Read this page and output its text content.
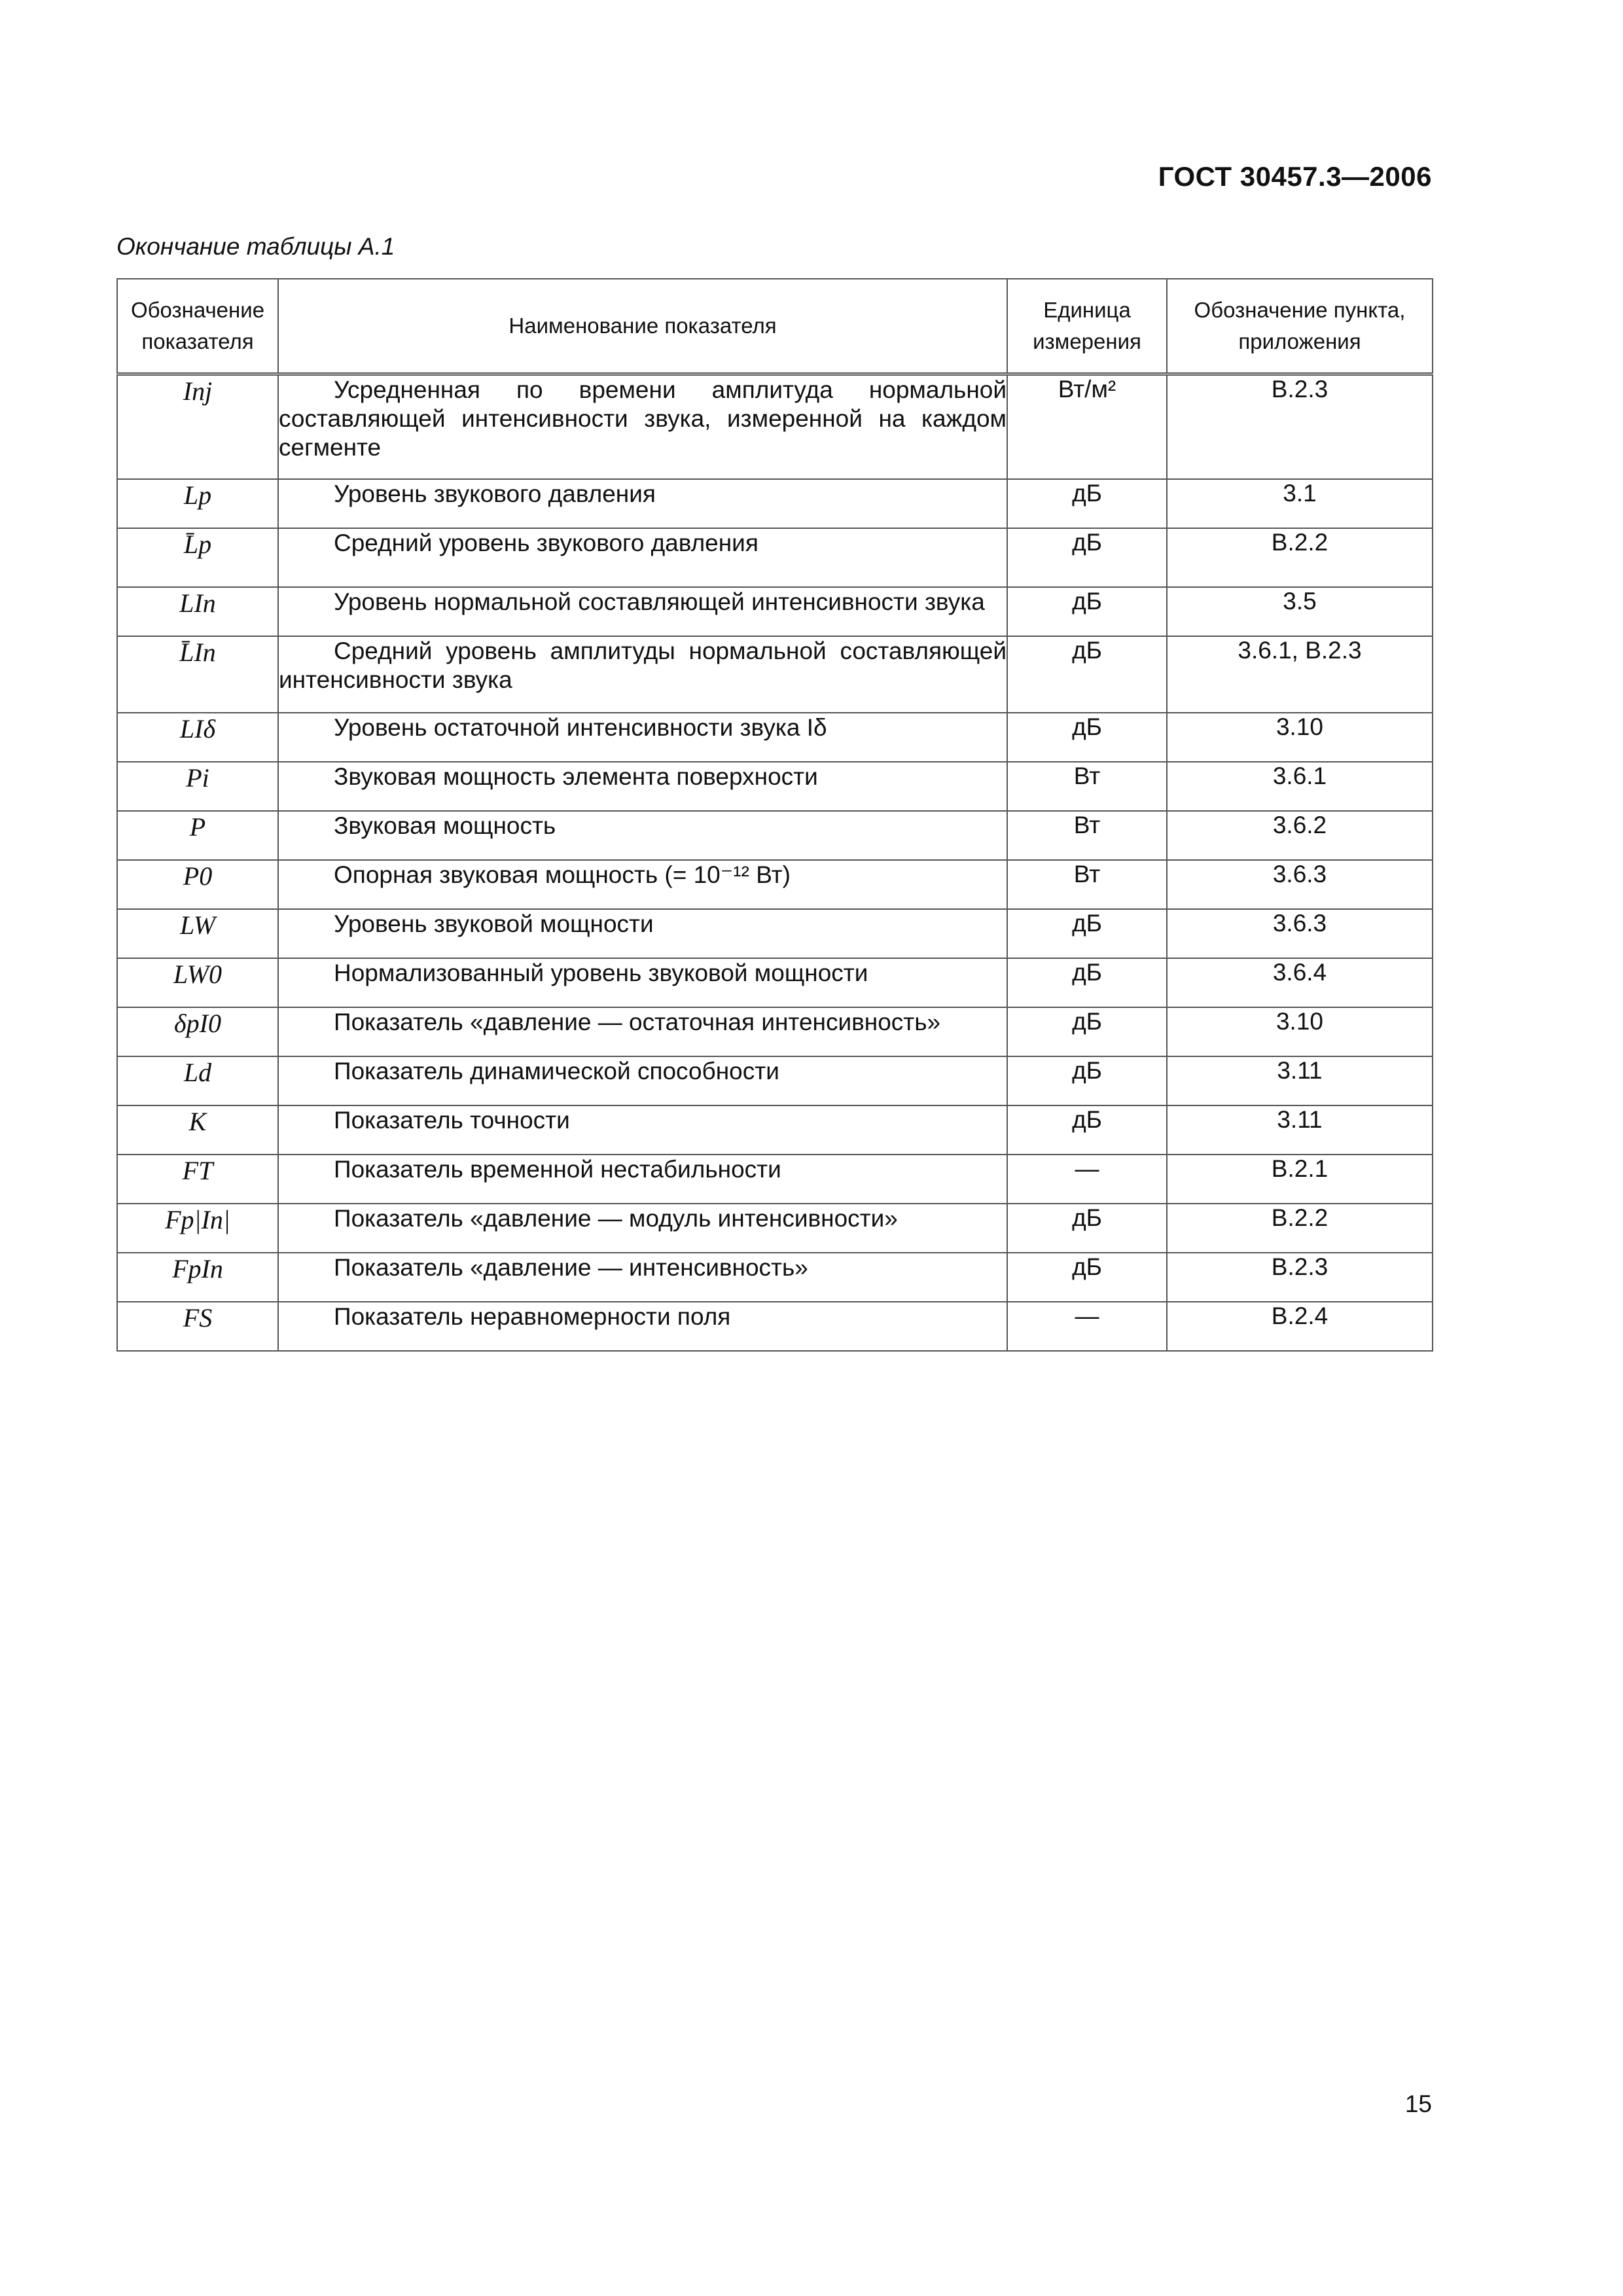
ГОСТ 30457.3—2006
Окончание таблицы А.1
Обозначение показателя	Наименование показателя	Единица измерения	Обозначение пункта, приложения
Inj	Усредненная по времени амплитуда нормальной составляющей интенсивности звука, измеренной на каждом сегменте	Вт/м²	В.2.3
Lp	Уровень звукового давления	дБ	3.1
L̄p	Средний уровень звукового давления	дБ	В.2.2
LIn	Уровень нормальной составляющей интенсивности звука	дБ	3.5
L̄In	Средний уровень амплитуды нормальной составляющей интенсивности звука	дБ	3.6.1, В.2.3
LIδ	Уровень остаточной интенсивности звука Iδ	дБ	3.10
Pi	Звуковая мощность элемента поверхности	Вт	3.6.1
P	Звуковая мощность	Вт	3.6.2
P0	Опорная звуковая мощность (= 10⁻¹² Вт)	Вт	3.6.3
LW	Уровень звуковой мощности	дБ	3.6.3
LW0	Нормализованный уровень звуковой мощности	дБ	3.6.4
δpI0	Показатель «давление — остаточная интенсивность»	дБ	3.10
Ld	Показатель динамической способности	дБ	3.11
K	Показатель точности	дБ	3.11
FT	Показатель временной нестабильности	—	В.2.1
Fp|In|	Показатель «давление — модуль интенсивности»	дБ	В.2.2
FpIn	Показатель «давление — интенсивность»	дБ	В.2.3
FS	Показатель неравномерности поля	—	В.2.4
15
